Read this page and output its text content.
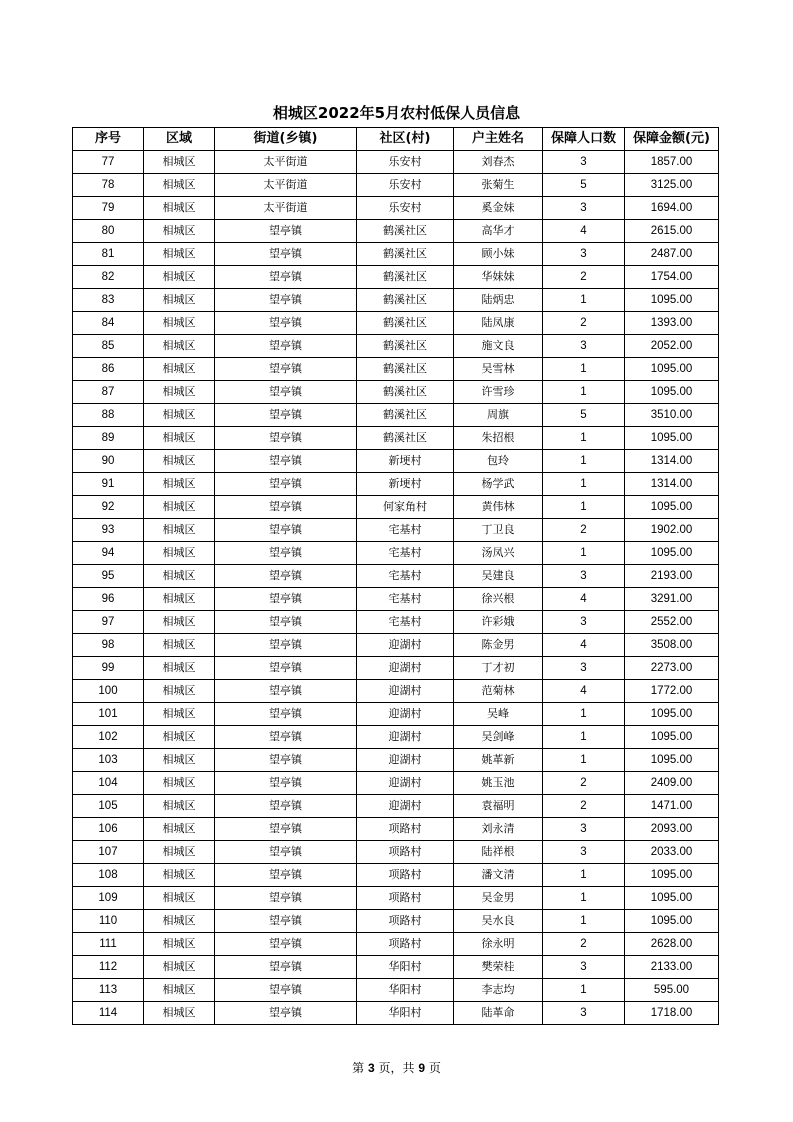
相城区2022年5月农村低保人员信息
序号	区域	街道(乡镇)	社区(村)	户主姓名	保障人口数	保障金额(元)
77	相城区	太平街道	乐安村	刘春杰	3	1857.00
78	相城区	太平街道	乐安村	张菊生	5	3125.00
79	相城区	太平街道	乐安村	奚金妹	3	1694.00
80	相城区	望亭镇	鹤溪社区	高华才	4	2615.00
81	相城区	望亭镇	鹤溪社区	顾小妹	3	2487.00
82	相城区	望亭镇	鹤溪社区	华妹妹	2	1754.00
83	相城区	望亭镇	鹤溪社区	陆炳忠	1	1095.00
84	相城区	望亭镇	鹤溪社区	陆凤康	2	1393.00
85	相城区	望亭镇	鹤溪社区	施文良	3	2052.00
86	相城区	望亭镇	鹤溪社区	吴雪林	1	1095.00
87	相城区	望亭镇	鹤溪社区	许雪珍	1	1095.00
88	相城区	望亭镇	鹤溪社区	周旗	5	3510.00
89	相城区	望亭镇	鹤溪社区	朱招根	1	1095.00
90	相城区	望亭镇	新埂村	包玲	1	1314.00
91	相城区	望亭镇	新埂村	杨学武	1	1314.00
92	相城区	望亭镇	何家角村	黄伟林	1	1095.00
93	相城区	望亭镇	宅基村	丁卫良	2	1902.00
94	相城区	望亭镇	宅基村	汤凤兴	1	1095.00
95	相城区	望亭镇	宅基村	吴建良	3	2193.00
96	相城区	望亭镇	宅基村	徐兴根	4	3291.00
97	相城区	望亭镇	宅基村	许彩娥	3	2552.00
98	相城区	望亭镇	迎湖村	陈金男	4	3508.00
99	相城区	望亭镇	迎湖村	丁才初	3	2273.00
100	相城区	望亭镇	迎湖村	范菊林	4	1772.00
101	相城区	望亭镇	迎湖村	吴峰	1	1095.00
102	相城区	望亭镇	迎湖村	吴剑峰	1	1095.00
103	相城区	望亭镇	迎湖村	姚革新	1	1095.00
104	相城区	望亭镇	迎湖村	姚玉池	2	2409.00
105	相城区	望亭镇	迎湖村	袁福明	2	1471.00
106	相城区	望亭镇	项路村	刘永清	3	2093.00
107	相城区	望亭镇	项路村	陆祥根	3	2033.00
108	相城区	望亭镇	项路村	潘文清	1	1095.00
109	相城区	望亭镇	项路村	吴金男	1	1095.00
110	相城区	望亭镇	项路村	吴水良	1	1095.00
111	相城区	望亭镇	项路村	徐永明	2	2628.00
112	相城区	望亭镇	华阳村	樊荣桂	3	2133.00
113	相城区	望亭镇	华阳村	李志均	1	595.00
114	相城区	望亭镇	华阳村	陆革命	3	1718.00
第 3 页，共 9 页
